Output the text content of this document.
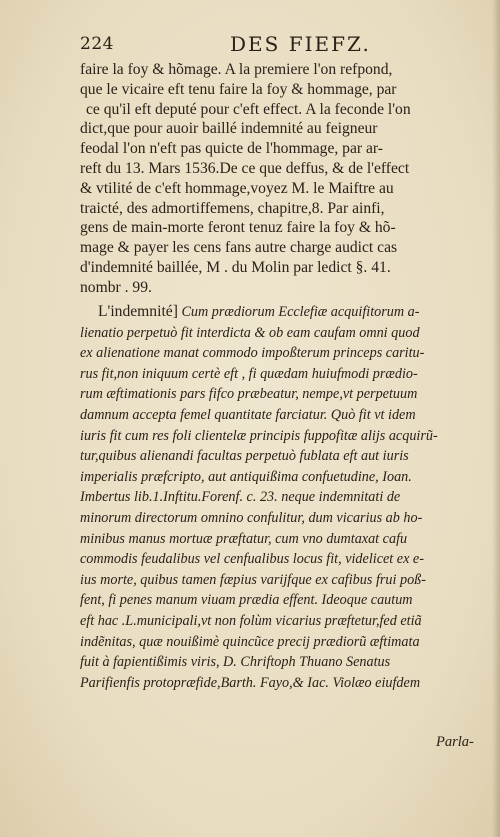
224	DES FIEFZ.
faire la foy & hõmage. A la premiere l'on refpond,
que le vicaire eft tenu faire la foy & hommage, par
ce qu'il eft deputé pour c'eft effect. A la feconde l'on
dict,que pour auoir baillé indemnité au feigneur
feodal l'on n'eft pas quicte de l'hommage, par ar-
reft du 13. Mars 1536.De ce que deffus, & de l'effect
& vtilité de c'eft hommage,voyez M. le Maiftre au
traicté, des admortiffemens, chapitre,8. Par ainfi,
gens de main-morte feront tenuz faire la foy & hõ-
mage & payer les cens fans autre charge audict cas
d'indemnité baillée, M . du Molin par ledict §. 41.
nombr . 99.
L'indemnité] Cum prædiorum Ecclefiæ acquifitorum a-
lienatio perpetuò fit interdicta & ob eam caufam omni quod
ex alienatione manat commodo impoßterum princeps caritu-
rus fit,non iniquum certè eft , fi quædam huiufmodi prædio-
rum æftimationis pars fifco præbeatur, nempe,vt perpetuum
damnum accepta femel quantitate farciatur. Quò fit vt idem
iuris fit cum res foli clientelæ principis fuppofitæ alijs acquirũ-
tur,quibus alienandi facultas perpetuò fublata eft aut iuris
imperialis præfcripto, aut antiquißima confuetudine, Ioan.
Imbertus lib.1.Inftitu.Forenf. c. 23. neque indemnitati de
minorum directorum omnino confulitur, dum vicarius ab ho-
minibus manus mortuæ præftatur, cum vno dumtaxat cafu
commodis feudalibus vel cenfualibus locus fit, videlicet ex e-
ius morte, quibus tamen fæpius varijfque ex cafibus frui poß-
fent, fi penes manum viuam prædia effent. Ideoque cautum
eft hac .L.municipali,vt non folùm vicarius præftetur,fed etiã
indẽnitas, quæ nouißimè quincũce precij prædiorũ æftimata
fuit à fapientißimis viris, D. Chriftoph Thuano Senatus
Parifienfis protopræfide,Barth. Fayo,& Iac. Violæo eiufdem
Parla-
